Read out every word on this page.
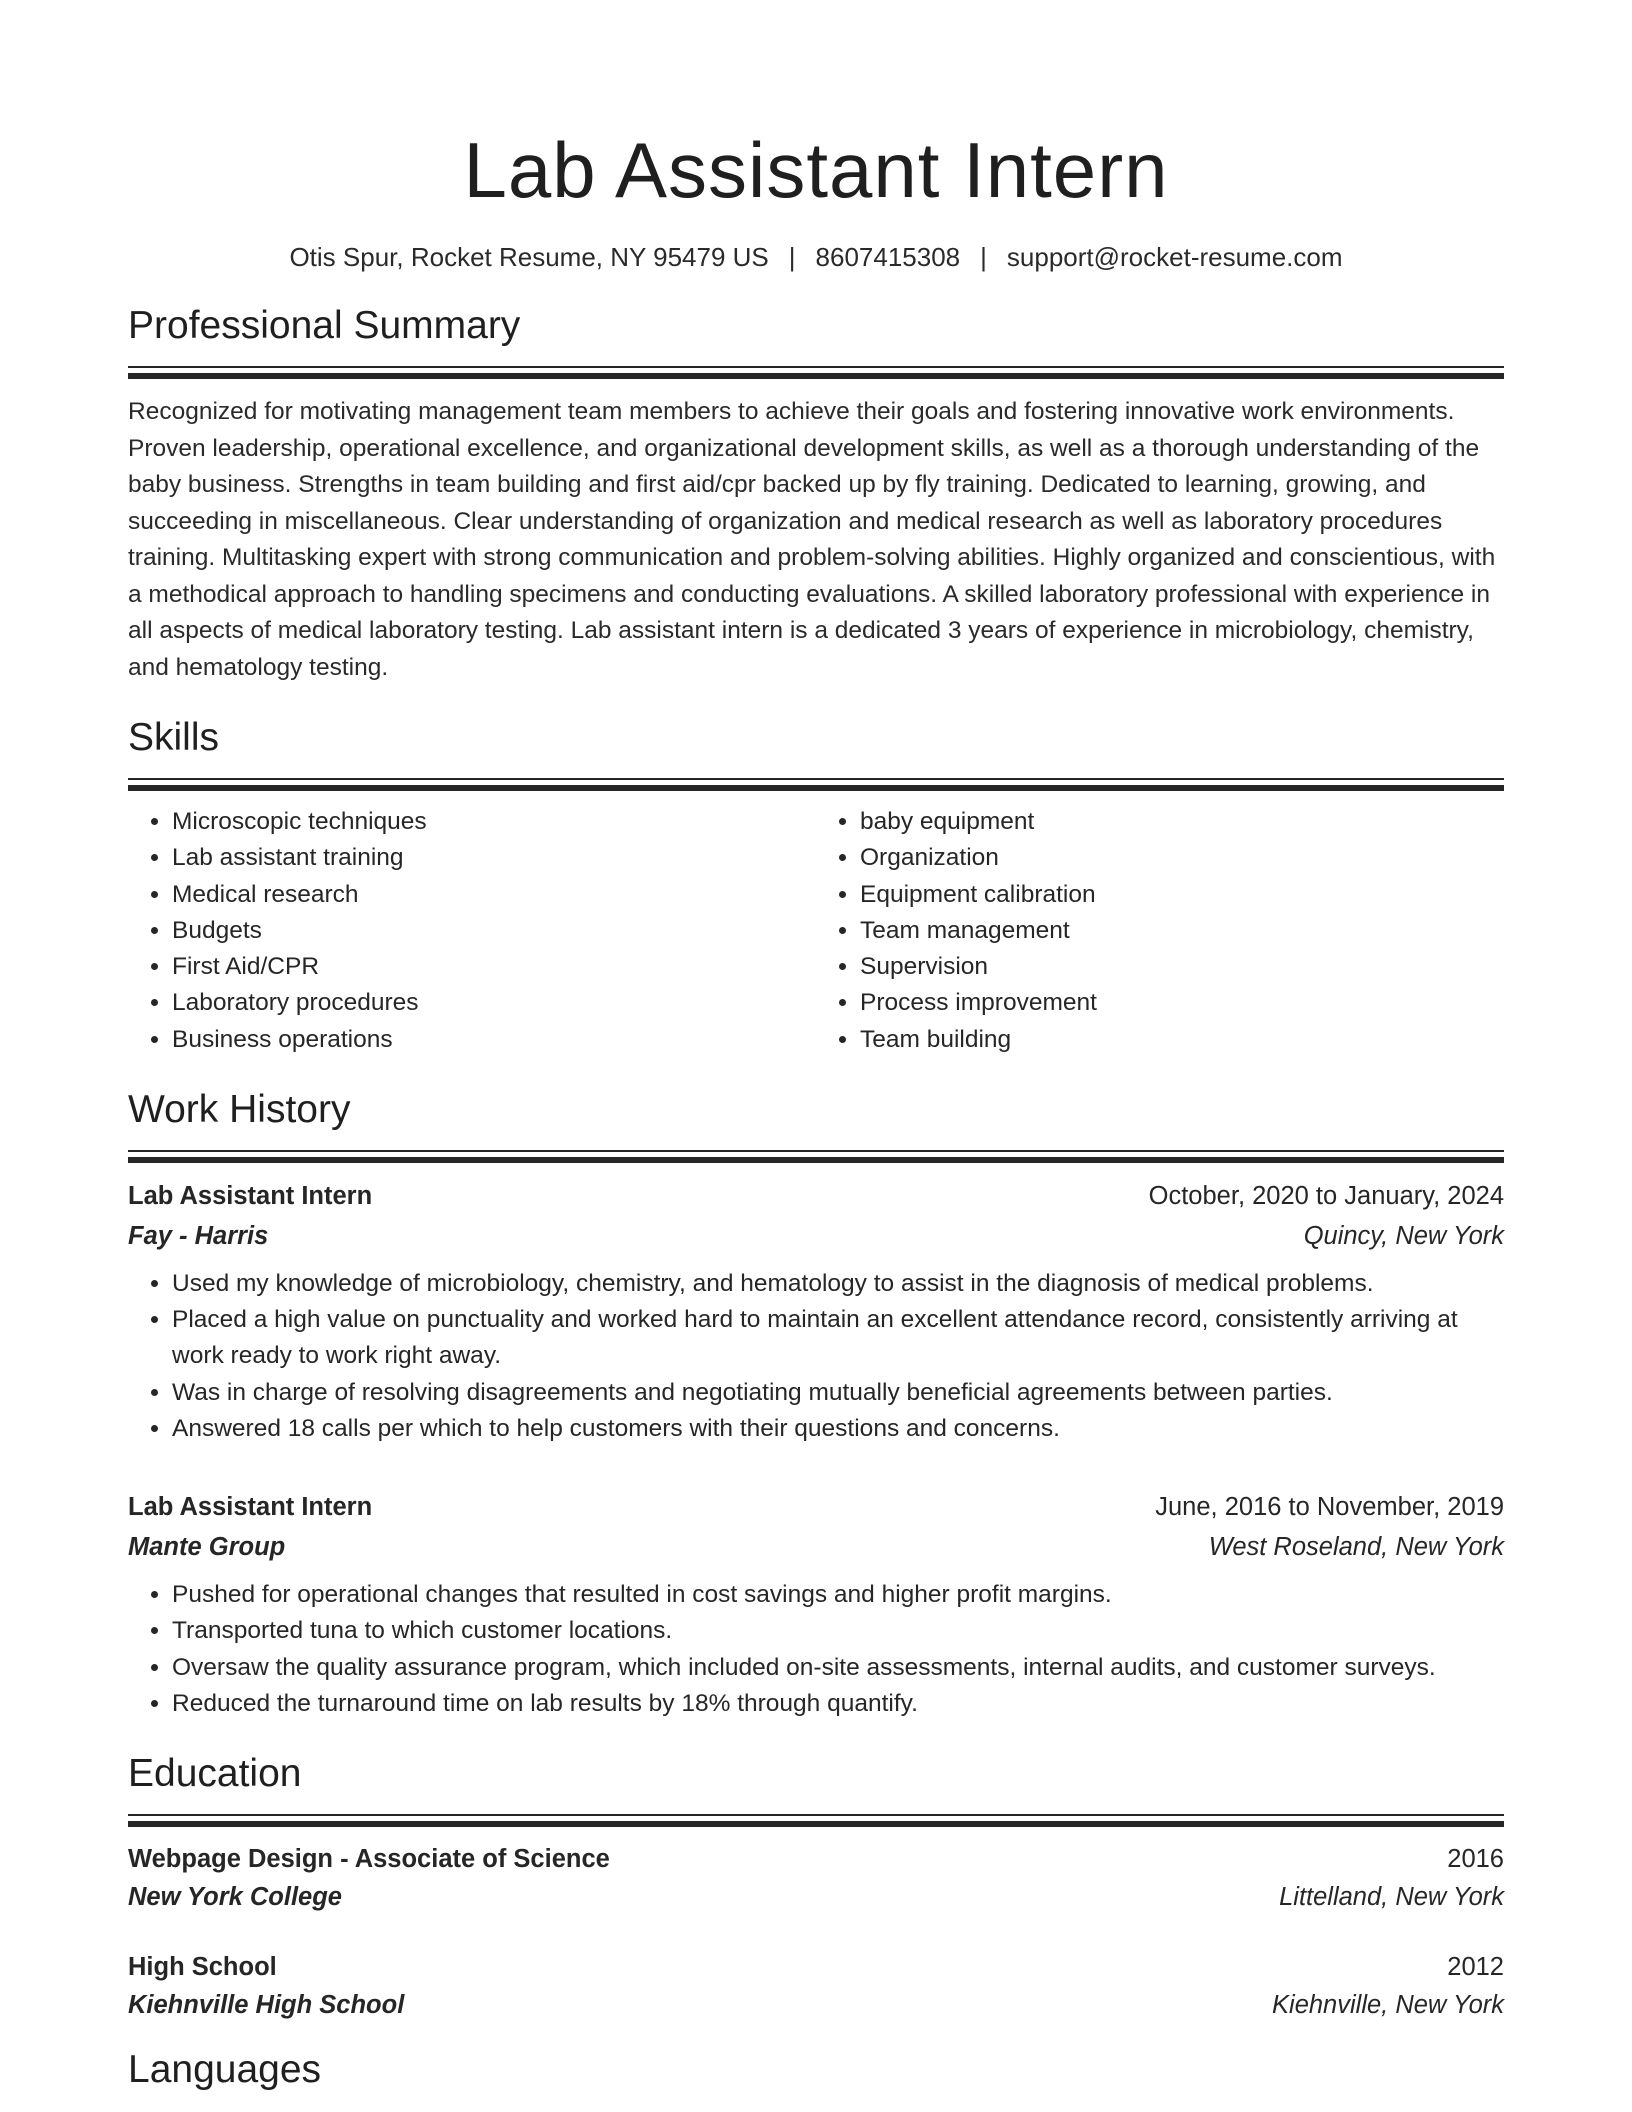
Lab Assistant Intern
Otis Spur, Rocket Resume, NY 95479 US | 8607415308 | support@rocket-resume.com
Professional Summary
Recognized for motivating management team members to achieve their goals and fostering innovative work environments. Proven leadership, operational excellence, and organizational development skills, as well as a thorough understanding of the baby business. Strengths in team building and first aid/cpr backed up by fly training. Dedicated to learning, growing, and succeeding in miscellaneous. Clear understanding of organization and medical research as well as laboratory procedures training. Multitasking expert with strong communication and problem-solving abilities. Highly organized and conscientious, with a methodical approach to handling specimens and conducting evaluations. A skilled laboratory professional with experience in all aspects of medical laboratory testing. Lab assistant intern is a dedicated 3 years of experience in microbiology, chemistry, and hematology testing.
Skills
• Microscopic techniques
• Lab assistant training
• Medical research
• Budgets
• First Aid/CPR
• Laboratory procedures
• Business operations
• baby equipment
• Organization
• Equipment calibration
• Team management
• Supervision
• Process improvement
• Team building
Work History
Lab Assistant Intern	October, 2020 to January, 2024
Fay - Harris	Quincy, New York
• Used my knowledge of microbiology, chemistry, and hematology to assist in the diagnosis of medical problems.
• Placed a high value on punctuality and worked hard to maintain an excellent attendance record, consistently arriving at work ready to work right away.
• Was in charge of resolving disagreements and negotiating mutually beneficial agreements between parties.
• Answered 18 calls per which to help customers with their questions and concerns.
Lab Assistant Intern	June, 2016 to November, 2019
Mante Group	West Roseland, New York
• Pushed for operational changes that resulted in cost savings and higher profit margins.
• Transported tuna to which customer locations.
• Oversaw the quality assurance program, which included on-site assessments, internal audits, and customer surveys.
• Reduced the turnaround time on lab results by 18% through quantify.
Education
Webpage Design - Associate of Science	2016
New York College	Littelland, New York
High School	2012
Kiehnville High School	Kiehnville, New York
Languages
